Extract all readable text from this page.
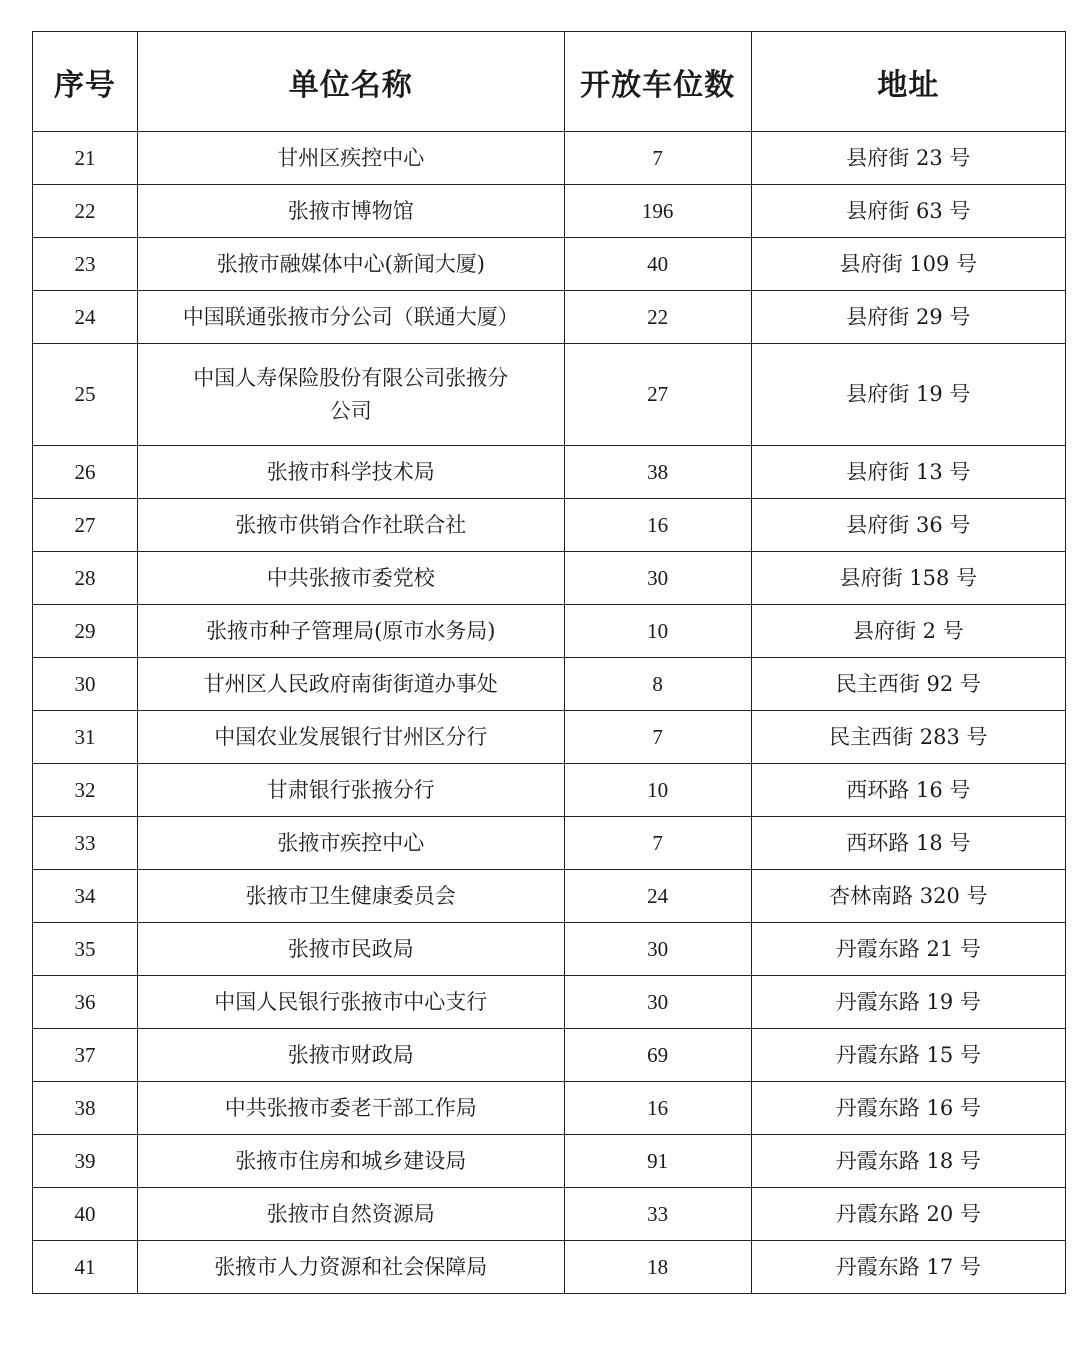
序号	单位名称	开放车位数	地址
21	甘州区疾控中心	7	县府街 23 号
22	张掖市博物馆	196	县府街 63 号
23	张掖市融媒体中心(新闻大厦)	40	县府街 109 号
24	中国联通张掖市分公司（联通大厦）	22	县府街 29 号
25	中国人寿保险股份有限公司张掖分公司	27	县府街 19 号
26	张掖市科学技术局	38	县府街 13 号
27	张掖市供销合作社联合社	16	县府街 36 号
28	中共张掖市委党校	30	县府街 158 号
29	张掖市种子管理局(原市水务局)	10	县府街 2 号
30	甘州区人民政府南街街道办事处	8	民主西街 92 号
31	中国农业发展银行甘州区分行	7	民主西街 283 号
32	甘肃银行张掖分行	10	西环路 16 号
33	张掖市疾控中心	7	西环路 18 号
34	张掖市卫生健康委员会	24	杏林南路 320 号
35	张掖市民政局	30	丹霞东路 21 号
36	中国人民银行张掖市中心支行	30	丹霞东路 19 号
37	张掖市财政局	69	丹霞东路 15 号
38	中共张掖市委老干部工作局	16	丹霞东路 16 号
39	张掖市住房和城乡建设局	91	丹霞东路 18 号
40	张掖市自然资源局	33	丹霞东路 20 号
41	张掖市人力资源和社会保障局	18	丹霞东路 17 号
